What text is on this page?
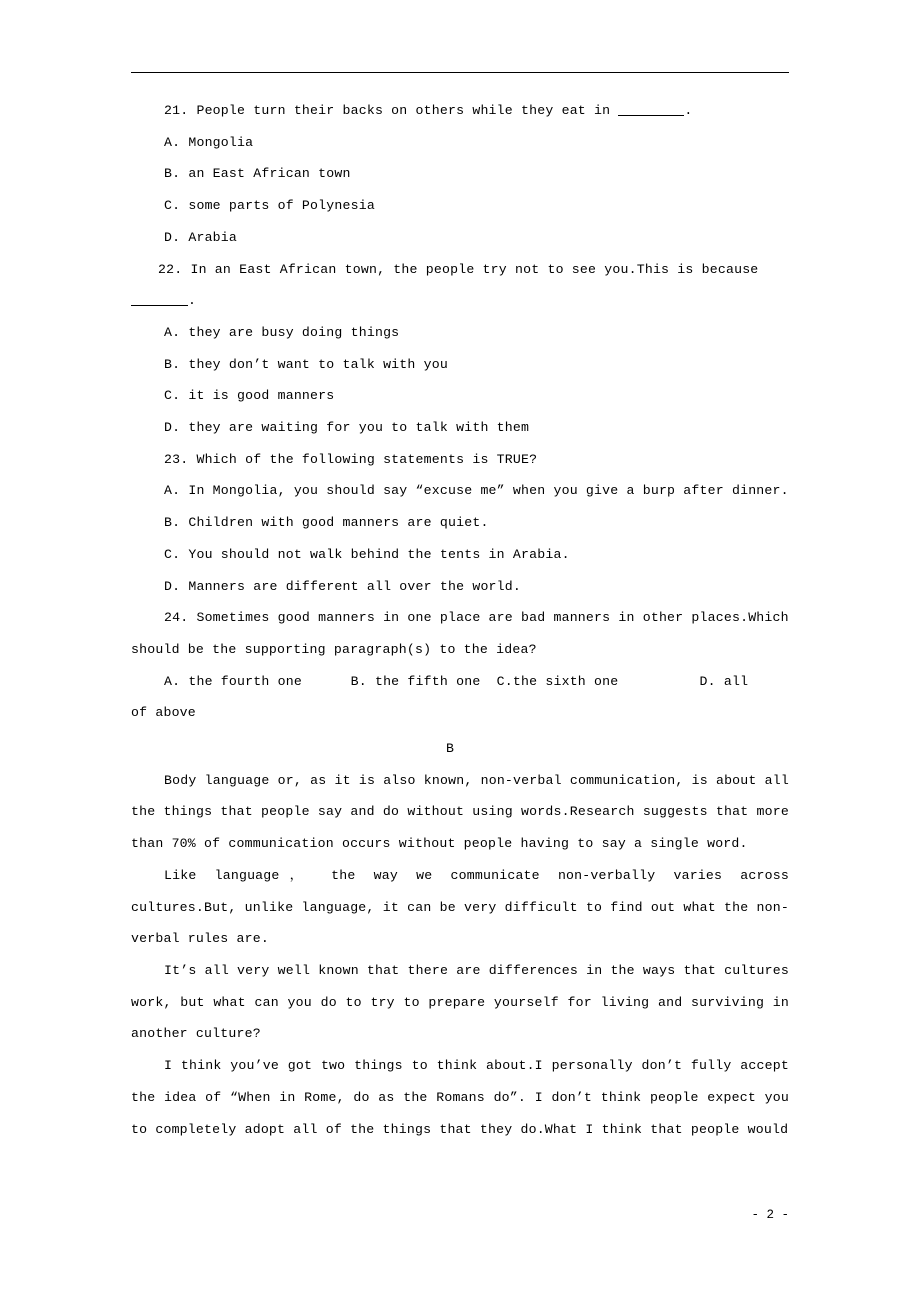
21. People turn their backs on others while they eat in	.
A. Mongolia
B. an East African town
C. some parts of Polynesia
D. Arabia
22. In an East African town, the people try not to see you.This is because
.
A. they are busy doing things
B. they don’t want to talk with you
C. it is good manners
D. they are waiting for you to talk with them
23. Which of the following statements is TRUE?

A. In Mongolia, you should say “excuse me” when you give a burp after dinner.

B. Children with good manners are quiet.
C. You should not walk behind the tents in Arabia.
D. Manners are different all over the world.
24. Sometimes good manners in one place are bad manners in other places.Which
should be the supporting paragraph(s) to the idea?
A. the fourth one      B. the fifth one  C.the sixth one          D. all
of above

B

Body language or, as it is also known, non-verbal communication, is about all the things that people say and do without using words.Research suggests that more than 70% of communication occurs without people having to say a single word.

Like language， the way we communicate non-verbally varies across cultures.But, unlike language, it can be very difficult to find out what the non-verbal rules are.

It’s all very well known that there are differences in the ways that cultures work, but what can you do to try to prepare yourself for living and surviving in another culture?

I think you’ve got two things to think about.I personally don’t fully accept the idea of “When in Rome, do as the Romans do”. I don’t think people expect you to completely adopt all of the things that they do.What I think that people would

- 2 -
